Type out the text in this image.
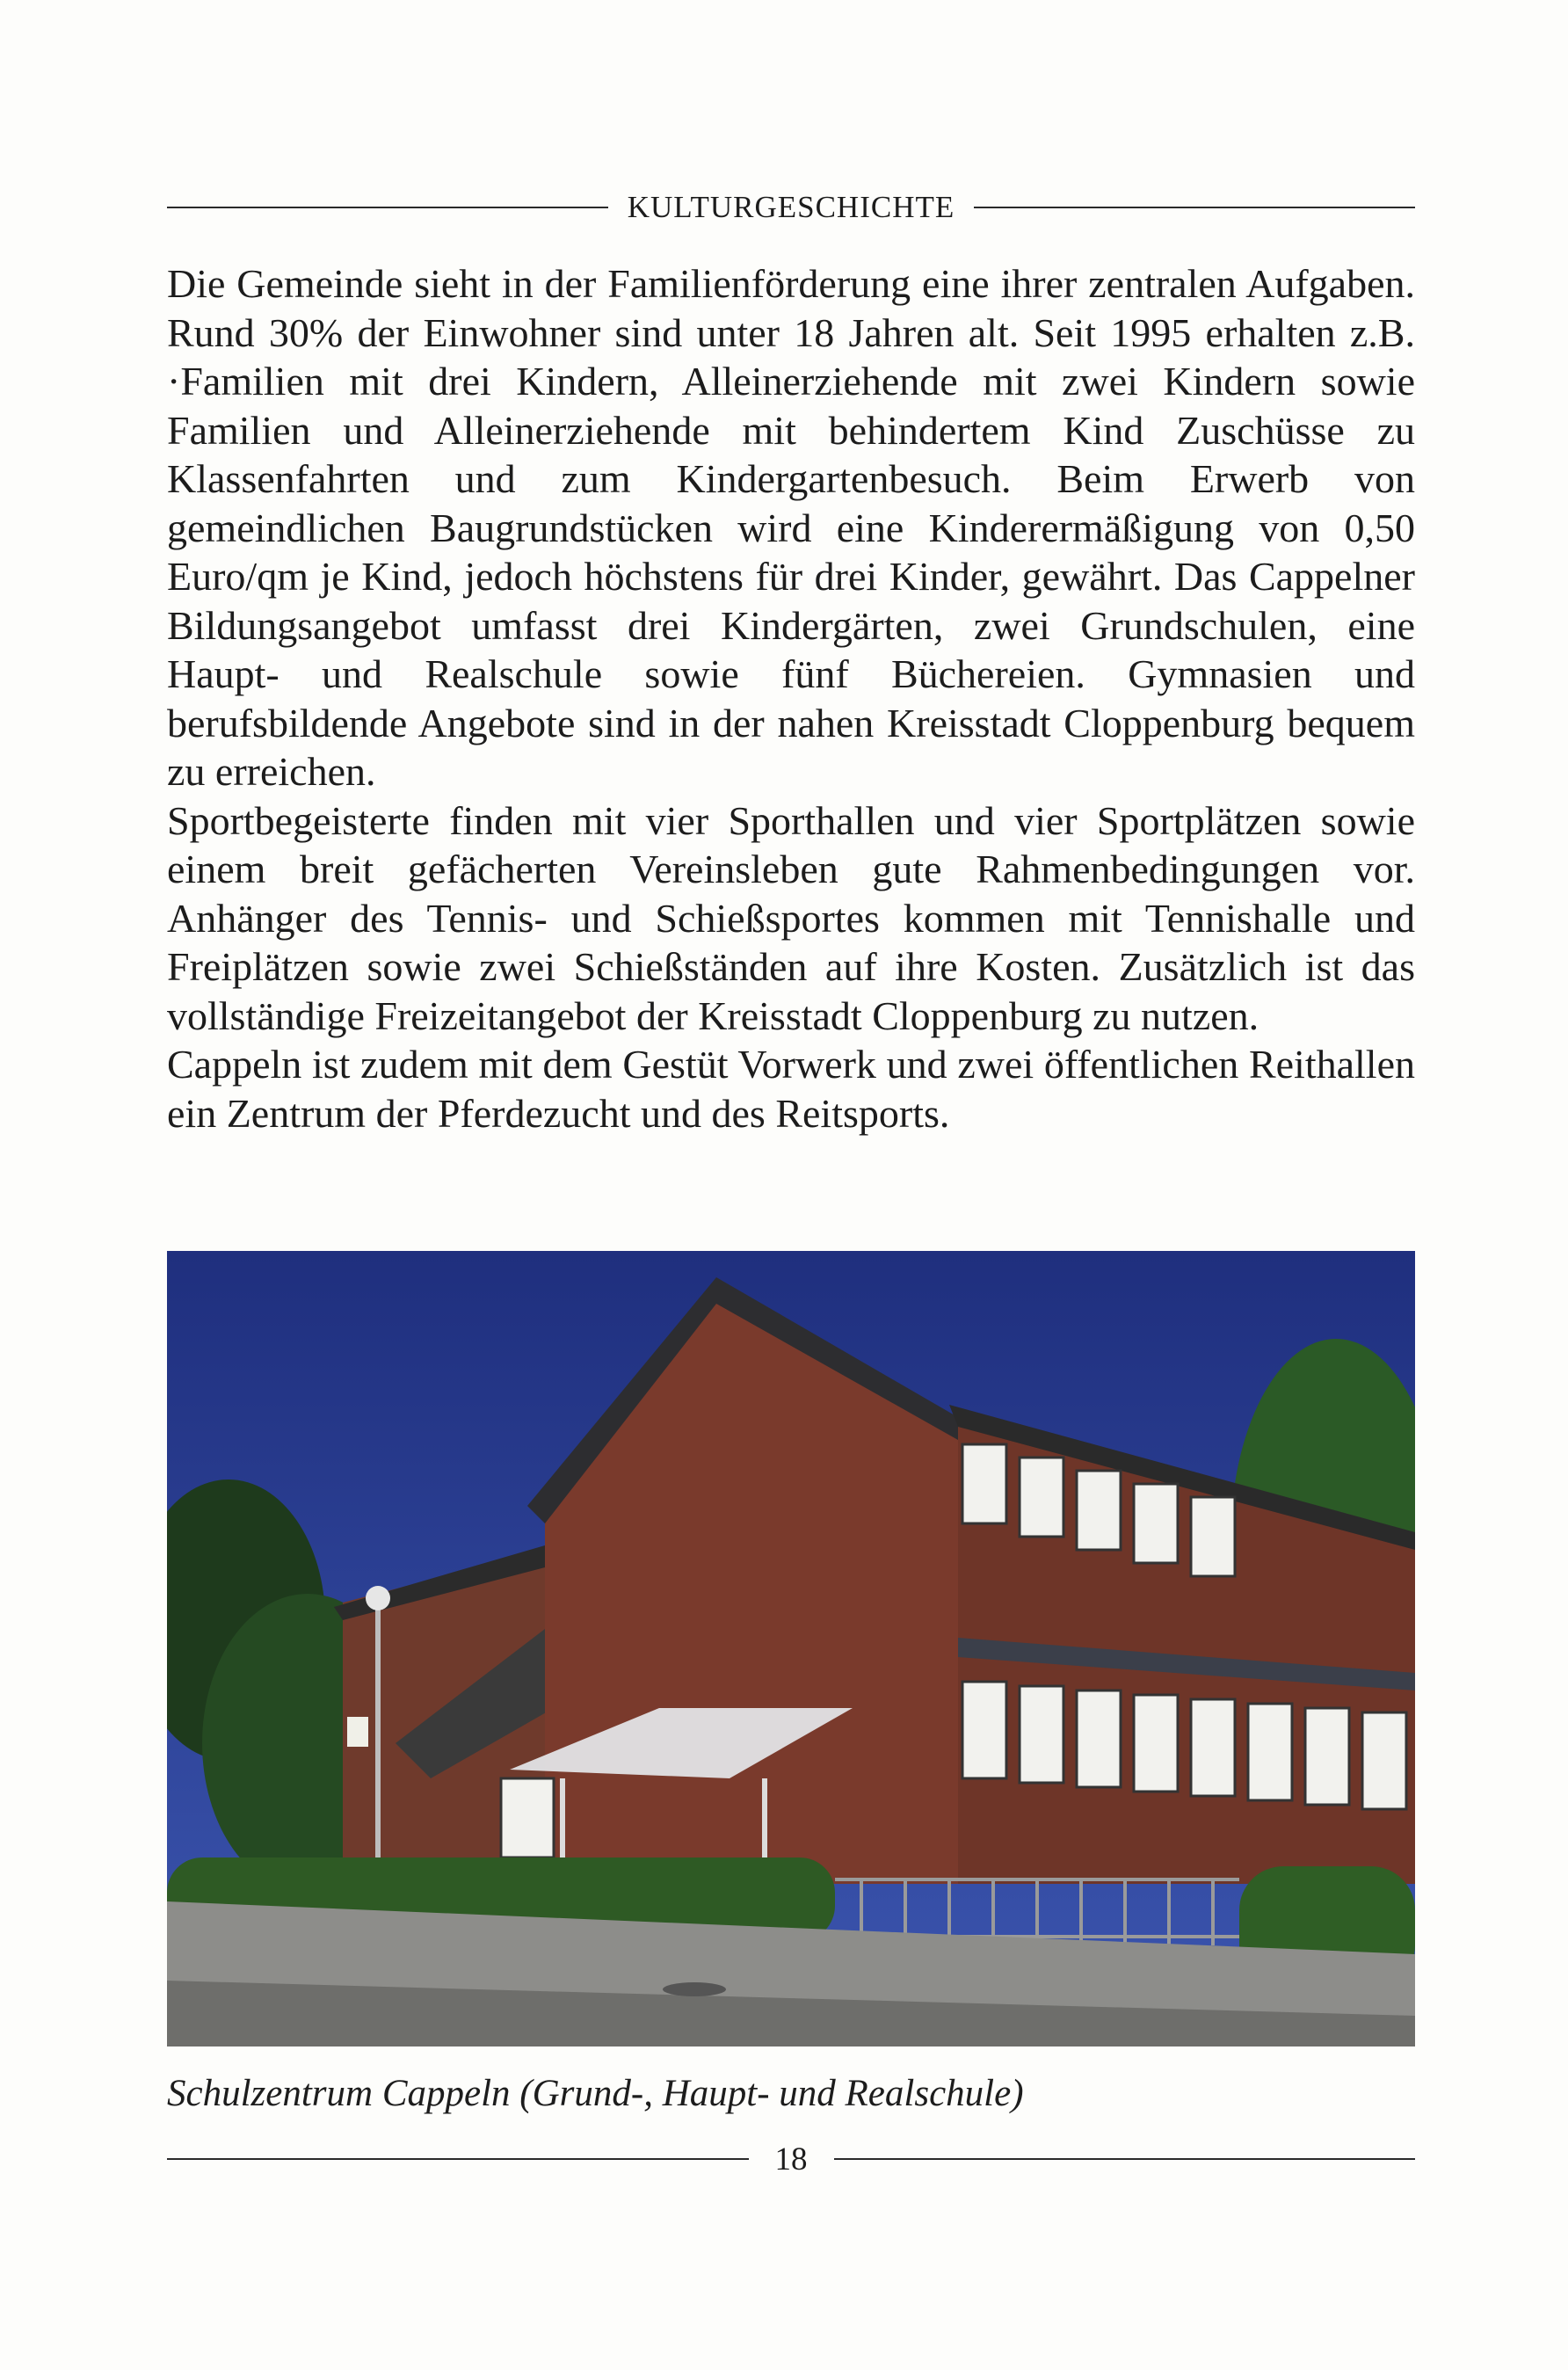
KULTURGESCHICHTE

Die Gemeinde sieht in der Familienförderung eine ihrer zentralen Aufgaben. Rund 30% der Einwohner sind unter 18 Jahren alt. Seit 1995 erhalten z.B. ·Familien mit drei Kindern, Alleinerziehende mit zwei Kindern sowie Familien und Alleinerziehende mit behindertem Kind Zuschüsse zu Klassenfahrten und zum Kindergartenbesuch. Beim Erwerb von gemeindlichen Baugrundstücken wird eine Kinderermäßigung von 0,50 Euro/qm je Kind, jedoch höchstens für drei Kinder, gewährt. Das Cappelner Bildungsangebot umfasst drei Kindergärten, zwei Grundschulen, eine Haupt- und Realschule sowie fünf Büchereien. Gymnasien und berufsbildende Angebote sind in der nahen Kreisstadt Cloppenburg bequem zu erreichen.

Sportbegeisterte finden mit vier Sporthallen und vier Sportplätzen sowie einem breit gefächerten Vereinsleben gute Rahmenbedingungen vor. Anhänger des Tennis- und Schießsportes kommen mit Tennishalle und Freiplätzen sowie zwei Schießständen auf ihre Kosten. Zusätzlich ist das vollständige Freizeitangebot der Kreisstadt Cloppenburg zu nutzen.

Cappeln ist zudem mit dem Gestüt Vorwerk und zwei öffentlichen Reithallen ein Zentrum der Pferdezucht und des Reitsports.

Schulzentrum Cappeln (Grund-, Haupt- und Realschule)
18
